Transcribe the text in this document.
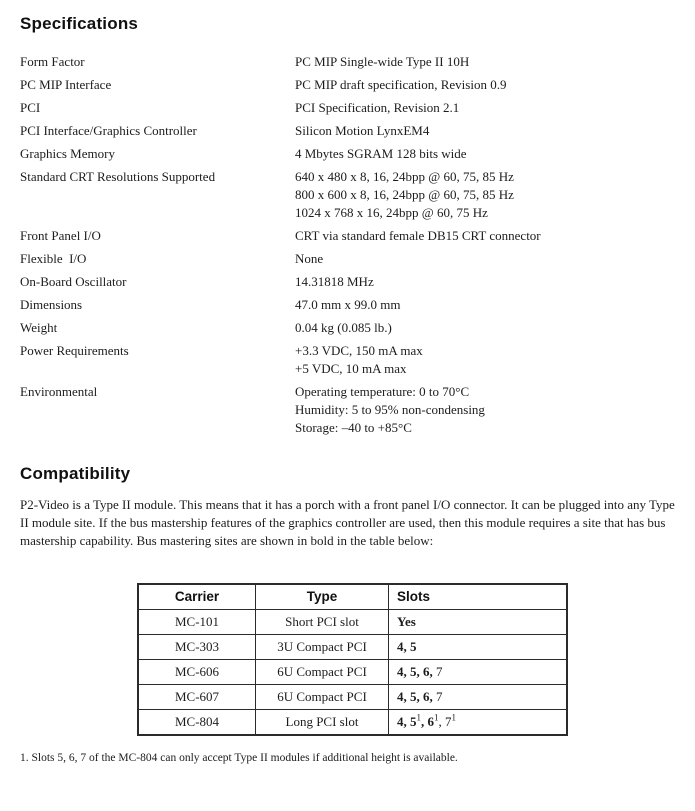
Specifications
Form Factor	PC MIP Single-wide Type II 10H
PC MIP Interface	PC MIP draft specification, Revision 0.9
PCI	PCI Specification, Revision 2.1
PCI Interface/Graphics Controller	Silicon Motion LynxEM4
Graphics Memory	4 Mbytes SGRAM 128 bits wide
Standard CRT Resolutions Supported	640 x 480 x 8, 16, 24bpp @ 60, 75, 85 Hz
800 x 600 x 8, 16, 24bpp @ 60, 75, 85 Hz
1024 x 768 x 16, 24bpp @ 60, 75 Hz
Front Panel I/O	CRT via standard female DB15 CRT connector
Flexible  I/O	None
On-Board Oscillator	14.31818 MHz
Dimensions	47.0 mm x 99.0 mm
Weight	0.04 kg (0.085 lb.)
Power Requirements	+3.3 VDC, 150 mA max
+5 VDC, 10 mA max
Environmental	Operating temperature: 0 to 70°C
Humidity: 5 to 95% non-condensing
Storage: –40 to +85°C
Compatibility

P2-Video is a Type II module. This means that it has a porch with a front panel I/O connector. It can be plugged into any Type II module site. If the bus mastership features of the graphics controller are used, then this module requires a site that has bus mastership capability. Bus mastering sites are shown in bold in the table below:

Carrier	Type	Slots
MC-101	Short PCI slot	Yes
MC-303	3U Compact PCI	4, 5
MC-606	6U Compact PCI	4, 5, 6, 7
MC-607	6U Compact PCI	4, 5, 6, 7
MC-804	Long PCI slot	4, $5^1$, $6^1$, $7^1$
1. Slots 5, 6, 7 of the MC-804 can only accept Type II modules if additional height is available.
